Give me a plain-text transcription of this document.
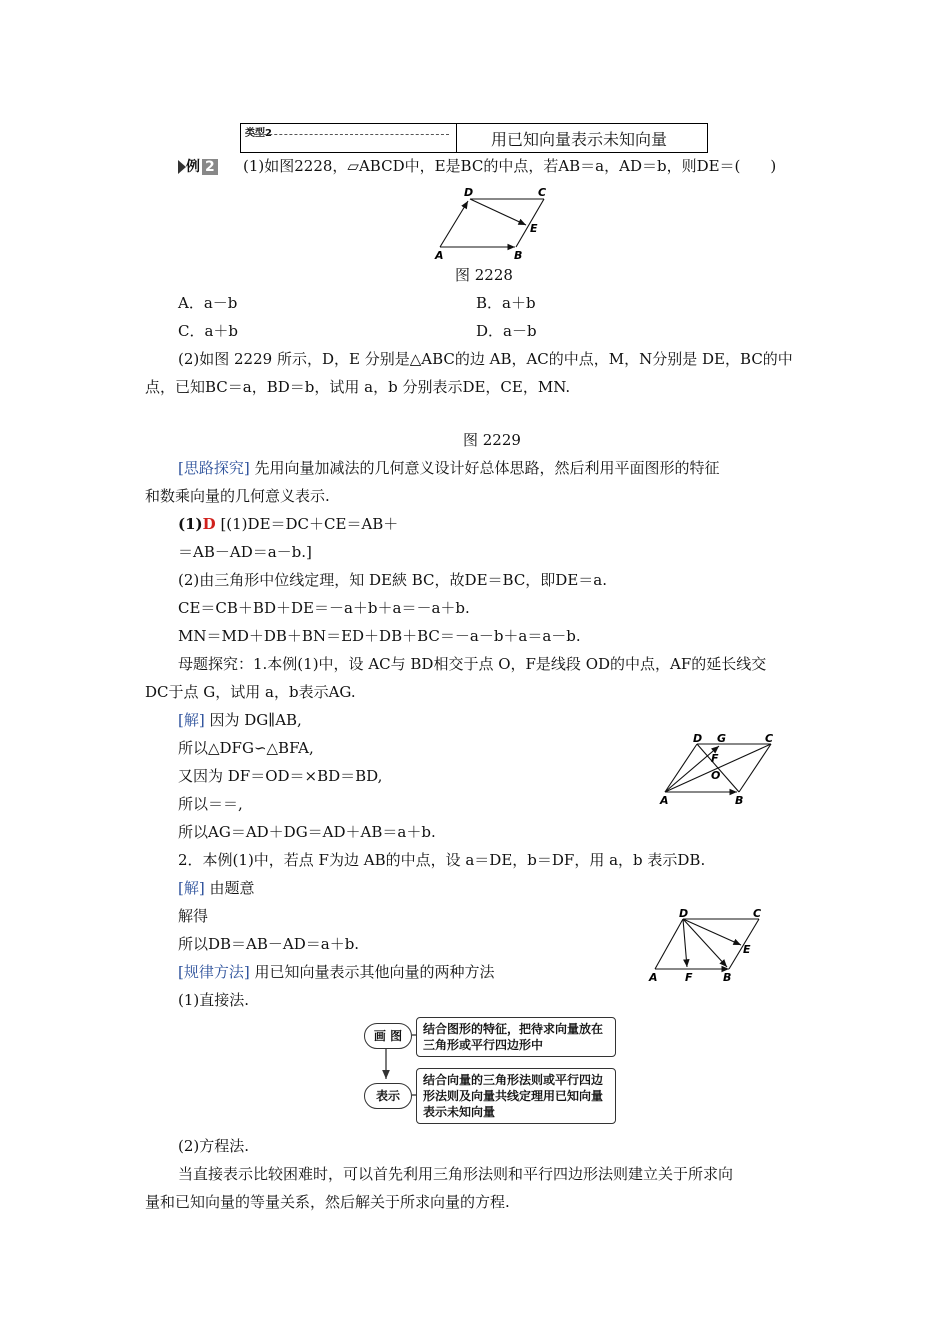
类型2	用已知向量表示未知向量
例 2 (1)如图2228，▱ABCD中，E是BC的中点，若AB＝a，AD＝b，则DE＝(　　)
D	C
E
A	B
图 2228
A．a－b	B．a＋b
C．a＋b	D．a－b
(2)如图 2229 所示，D，E 分别是△ABC的边 AB，AC的中点，M，N分别是 DE，BC的中
点，已知BC＝a，BD＝b，试用 a，b 分别表示DE，CE，MN.
图 2229
[思路探究] 先用向量加减法的几何意义设计好总体思路，然后利用平面图形的特征
和数乘向量的几何意义表示.
(1)D [(1)DE＝DC＋CE＝AB＋
＝AB－AD＝a－b.]
(2)由三角形中位线定理，知 DE綊 BC，故DE＝BC，即DE＝a.
CE＝CB＋BD＋DE＝－a＋b＋a＝－a＋b.
MN＝MD＋DB＋BN＝ED＋DB＋BC＝－a－b＋a＝a－b.
母题探究：1.本例(1)中，设 AC与 BD相交于点 O，F是线段 OD的中点，AF的延长线交
DC于点 G，试用 a，b表示AG.
[解] 因为 DG∥AB,
所以△DFG∽△BFA,
又因为 DF＝OD＝×BD＝BD,
所以＝＝,
所以AG＝AD＋DG＝AD＋AB＝a＋b.
D G	C
F
O
A	B
2．本例(1)中，若点 F为边 AB的中点，设 a＝DE，b＝DF，用 a，b 表示DB.
[解] 由题意
解得
所以DB＝AB－AD＝a＋b.
D	C
E
A F	B
[规律方法] 用已知向量表示其他向量的两种方法
(1)直接法.
画 图	结合图形的特征，把待求向量放在三角形或平行四边形中
表示
结合向量的三角形法则或平行四边形法则及向量共线定理用已知向量表示未知向量
(2)方程法.
当直接表示比较困难时，可以首先利用三角形法则和平行四边形法则建立关于所求向
量和已知向量的等量关系，然后解关于所求向量的方程.
